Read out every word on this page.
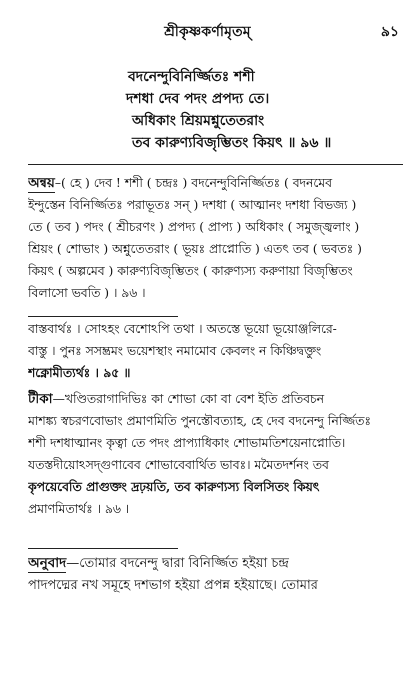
শ্রীকৃষ্ণকর্ণামৃতম্	৯১
বদনেন্দুবিনির্জ্জিতঃ শশী
দশধা দেব পদং প্রপদ্য তে।
অধিকাং শ্রিয়মশ্নুতেতরাং
তব কারুণ্যবিজৃম্ভিতং কিয়ৎ ॥ ৯৬ ॥
অন্বয়–( হে ) দেব ! শশী ( চন্দ্রঃ ) বদনেন্দুবিনির্জ্জিতঃ ( বদনমেব
ইন্দুস্তেন বিনির্জ্জিতঃ পরাভূতঃ সন্ ) দশধা ( আত্মানং দশধা বিভজ্য )
তে ( তব ) পদং ( শ্রীচরণং ) প্রপদ্য ( প্রাপ্য ) অধিকাং ( সমুজ্জ্বলাং )
শ্রিয়ং ( শোভাং ) অশ্নুতেতরাং ( ভূয়ঃ প্রাপ্নোতি ) এতৎ তব ( ভবতঃ )
কিয়ৎ ( অল্পমেব ) কারুণ্যবিজৃম্ভিতং ( কারুণ্যস্য করুণায়া বিজৃম্ভিতং
বিলাসো ভবতি ) । ৯৬ ।
বাস্তবার্থঃ । সোঽহং বেশোঽপি তথা । অতস্তে ভূয়ো ভূয়োঞ্জলিরে-
বাস্তু । পুনঃ সসম্ভ্রমং ভয়েশস্থাং নমামোব কেবলং ন কিঞ্চিদ্বক্তুং
শক্নোমীত্যর্থঃ । ৯৫ ॥
টীকা—খণ্ডিতরাগাদিভিঃ কা শোভা কো বা বেশ ইতি প্রতিবচন
মাশঙ্ক্য স্বচরণবোভাং প্রমাণমিতি পুনস্তৌবত্যাহ, হে দেব বদনেন্দু নির্জ্জিতঃ
শশী দশধাত্মানং কৃত্বা তে পদং প্রাপ্যাধিকাং শোভামতিশয়েনাপ্নোতি।
যতস্তদীয়োঽসদ্গুণাবেব শোভাবেবার্থিত ভাবঃ। মমৈতদর্শনং তব
কৃপয়েবেতি প্রাগুক্তং দ্রঢ়য়তি, তব কারুণ্যস্য বিলসিতং কিয়ৎ
প্রমাণমিতার্থঃ । ৯৬ ।
অনুবাদ—তোমার বদনেন্দু দ্বারা বিনির্জ্জিত হইয়া চন্দ্র
পাদপদ্মের নখ সমূহে দশভাগ হইয়া প্রপন্ন হইয়াছে। তোমার
